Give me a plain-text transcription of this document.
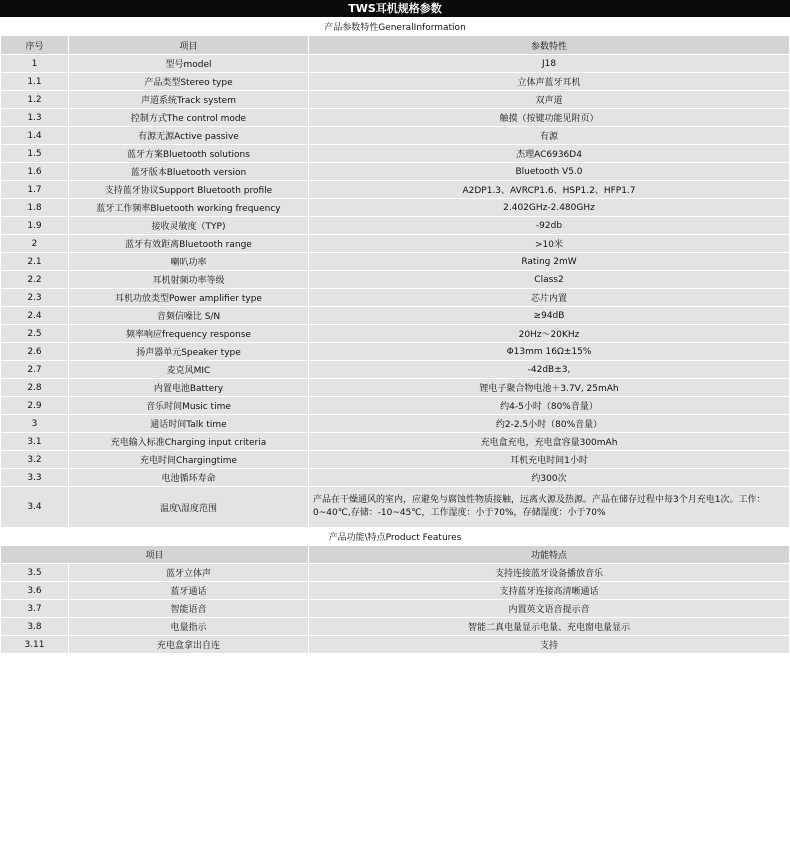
TWS耳机规格参数
产品参数特性GeneralInformation		
序号	项目	参数特性
1	型号model	J18
1.1	产品类型Stereo type	立体声蓝牙耳机
1.2	声道系统Track system	双声道
1.3	控制方式The control mode	触摸（按键功能见附页）
1.4	有源无源Active passive	有源
1.5	蓝牙方案Bluetooth solutions	杰理AC6936D4
1.6	蓝牙版本Bluetooth version	Bluetooth V5.0
1.7	支持蓝牙协议Support Bluetooth profile	A2DP1.3、AVRCP1.6、HSP1.2、HFP1.7
1.8	蓝牙工作频率Bluetooth working frequency	2.402GHz-2.480GHz
1.9	接收灵敏度（TYP)	-92db
2	蓝牙有效距离Bluetooth range	>10米
2.1	喇叭功率	Rating 2mW
2.2	耳机射频功率等级	Class2
2.3	耳机功放类型Power amplifier type	芯片内置
2.4	音频信噪比 S/N	≥94dB
2.5	频率响应frequency response	20Hz～20KHz
2.6	扬声器单元Speaker type	Φ13mm 16Ω±15%
2.7	麦克风MIC	-42dB±3,
2.8	内置电池Battery	锂电子聚合物电池＋3.7V, 25mAh
2.9	音乐时间Music time	约4-5小时（80%音量）
3	通话时间Talk time	约2-2.5小时（80%音量）
3.1	充电输入标准Charging input criteria	充电盒充电，充电盒容量300mAh
3.2	充电时间Chargingtime	耳机充电时间1小时
3.3	电池循环寿命	约300次
3.4	温度\湿度范围	产品在干燥通风的室内，应避免与腐蚀性物质接触，远离火源及热源。产品在储存过程中每3个月充电1次。工作：0~40℃,存储：-10~45℃，工作湿度：小于70%，存储湿度：小于70%
产品功能\特点Product Features		
项目		功能特点
3.5	蓝牙立体声	支持连接蓝牙设备播放音乐
3.6	蓝牙通话	支持蓝牙连接高清晰通话
3.7	智能语音	内置英文语音提示音
3.8	电量指示	智能二真电量显示电量、充电窗电量显示
3.11	充电盒拿出自连	支持
